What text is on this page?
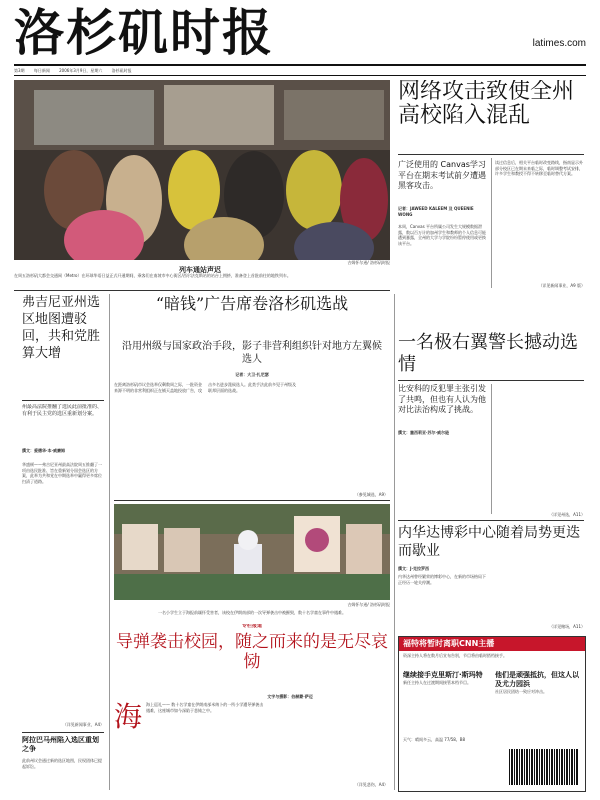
洛杉矶时报	latimes.com
第3期 每日新闻 2006年3月9日，星期六 洛杉矶时报
吉姆怀尔逊/ 洛杉矶时报
列车通站声迟
在周五洛杉矶大都会交通网（Metro）在环球华语日益正式开通期间，乘客们在南坡市中心街区/西尔法克斯站的站台上拥挤，准备登上首批前往的地铁列车。
网络攻击致使全州高校陷入混乱
广泛使用的 Canvas学习平台在期末考试前夕遭遇黑客攻击。
记者：JAWEED KALEEM 及 QUEENIE WONG
本周，Canvas 平台所属公司发生大规模数据泄露，数以百万计的加州学生和教师的个人信息可能遭到暴露，全州的大学与学院纷纷暂停使用或更换该平台。
读过信息后，相关平台临时改变路线，指南显示外部分校区已在期末来临之际，临时调整考试安排，许多学生和教授不得不转移至临时替代方案。
（详见新闻事业，A9 版）
弗吉尼亚州选区地图遭驳回，共和党胜算大增
州最高法院推翻了选民此前批准的、有利于民主党的选区重新划分案。
撰文：爱德华·本·威廉姆
华盛顿——弗吉尼亚州最高法院周五推翻了一项由选民批准、旨在重新划分国会选区的方案，此举为共和党在中期选举中赢得更多席位扫清了道路。
（详见新闻事业，A4）
阿拉巴马州陷入选区重划之争
此前州议会通过新的选区地图，民权团体已提起诉讼。
“暗钱”广告席卷洛杉矶选战
沿用州级与国家政治手段，影子非营利组织针对地方左翼候选人
记者：大卫·扎尼瑟
在距离洛杉矶市议会选举仅剩数周之际，一批资金来源不明的非营利组织正在铺天盖地投放广告，攻击多名进步派候选人。此类手法此前多见于州级及联邦层面的选战。
（参见城选，A9）
吉姆怀尔逊/ 洛杉矶时报
一名小学生立于海报前缅怀受害者，该校在伊朗南部的一次导弹袭击中被摧毁，数十名学童在事件中遇难。
专栏报道
导弹袭击校园，随之而来的是无尽哀恸
文字与摄影：伯赫蒙·萨迈
海 海上巡礼—— 数十名学童在伊朗南部米纳卜的一所小学遭导弹袭击遇难，这座城市如今深陷于悲恸之中。
（详见悲伤，A4）
一名极右翼警长撼动选情
比安科的反犯罪主张引发了共鸣，但也有人认为他对比法治构成了挑战。
撰文：塞西莉亚·苏尔·威尔逊
（详见州选，A11）
内华达博彩中心随着局势更迭而歇业
撰文：J·克拉罗西
内华达州曾经繁荣的博彩中心，在新的市场格局下正经历一轮关停潮。
（详见赌场，A11）
福特将暂时离职CNN主播
资深主持人将在数月后宣布告别，节目将由临时搭档接手。
继续接手克里斯汀·斯玛特
新任主持人在过渡期间接管本档节目。
他们是顽强抵抗，但这人以及尤力园浜
社区居民团结一致应对冲击。
天气：晴间多云，高温 77/58。B8
